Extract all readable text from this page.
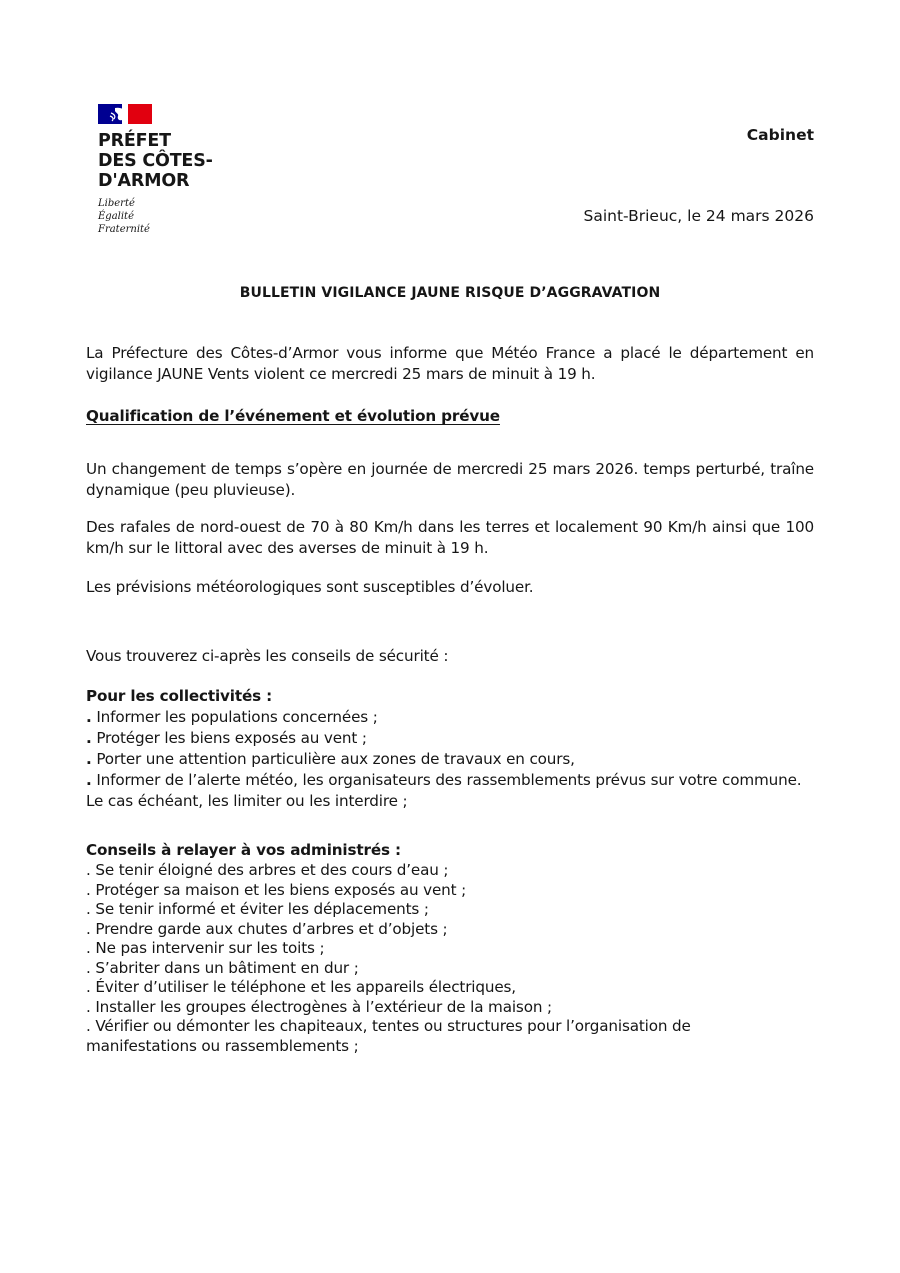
PRÉFET
DES CÔTES-
D'ARMOR
Liberté
Égalité
Fraternité
Cabinet
Saint-Brieuc, le 24 mars 2026
BULLETIN VIGILANCE JAUNE RISQUE D’AGGRAVATION
La Préfecture des Côtes-d’Armor vous informe que Météo France a placé le département en vigilance JAUNE Vents violent ce mercredi 25 mars de minuit à 19 h.
Qualification de l’événement et évolution prévue
Un changement de temps s’opère en journée de mercredi 25 mars 2026. temps perturbé, traîne dynamique (peu pluvieuse).
Des rafales de nord-ouest de 70 à 80 Km/h dans les terres et localement 90 Km/h ainsi que 100 km/h sur le littoral avec des averses de minuit à 19 h.
Les prévisions météorologiques sont susceptibles d’évoluer.
Vous trouverez ci-après les conseils de sécurité :
Pour les collectivités :
. Informer les populations concernées ;
. Protéger les biens exposés au vent ;
. Porter une attention particulière aux zones de travaux en cours,
. Informer de l’alerte météo, les organisateurs des rassemblements prévus sur votre commune.
Le cas échéant, les limiter ou les interdire ;
Conseils à relayer à vos administrés :
. Se tenir éloigné des arbres et des cours d’eau ;
. Protéger sa maison et les biens exposés au vent ;
. Se tenir informé et éviter les déplacements ;
. Prendre garde aux chutes d’arbres et d’objets ;
. Ne pas intervenir sur les toits ;
. S’abriter dans un bâtiment en dur ;
. Éviter d’utiliser le téléphone et les appareils électriques,
. Installer les groupes électrogènes à l’extérieur de la maison ;
. Vérifier ou démonter les chapiteaux, tentes ou structures pour l’organisation de
manifestations ou rassemblements ;
